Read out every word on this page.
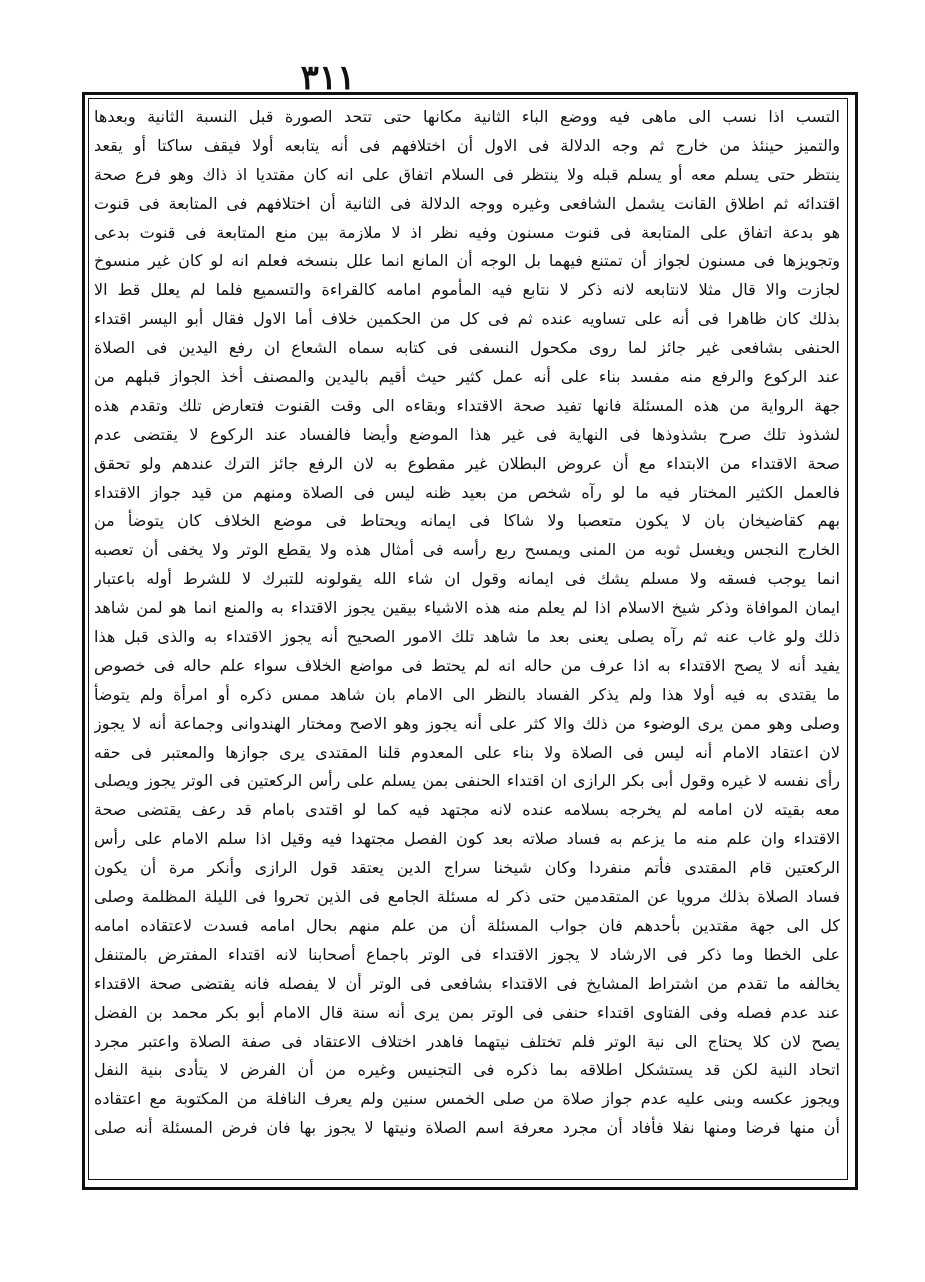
٣١١
التسب اذا نسب الى ماهى فيه ووضع الباء الثانية مكانها حتى تتحد الصورة قبل النسبة الثانية وبعدها
والتميز حينئذ من خارج ثم وجه الدلالة فى الاول أن اختلافهم فى أنه يتابعه أولا فيقف ساكتا أو يقعد
ينتظر حتى يسلم معه أو يسلم قبله ولا ينتظر فى السلام اتفاق على انه كان مقتديا اذ ذاك وهو فرع صحة
اقتدائه ثم اطلاق القانت يشمل الشافعى وغيره ووجه الدلالة فى الثانية أن اختلافهم فى المتابعة فى قنوت
هو بدعة اتفاق على المتابعة فى قنوت مسنون وفيه نظر اذ لا ملازمة بين منع المتابعة فى قنوت بدعى
وتجويزها فى مسنون لجواز أن تمتنع فيهما بل الوجه أن المانع انما علل بنسخه فعلم انه لو كان غير منسوخ
لجازت والا قال مثلا لانتابعه لانه ذكر لا نتابع فيه المأموم امامه كالقراءة والتسميع فلما لم يعلل قط الا
بذلك كان ظاهرا فى أنه على تساويه عنده ثم فى كل من الحكمين خلاف أما الاول فقال أبو اليسر اقتداء
الحنفى بشافعى غير جائز لما روى مكحول النسفى فى كتابه سماه الشعاع ان رفع اليدين فى الصلاة
عند الركوع والرفع منه مفسد بناء على أنه عمل كثير حيث أقيم باليدين والمصنف أخذ الجواز قبلهم من
جهة الرواية من هذه المسئلة فانها تفيد صحة الاقتداء وبقاءه الى وقت القنوت فتعارض تلك وتقدم هذه
لشذوذ تلك صرح بشذوذها فى النهاية فى غير هذا الموضع وأيضا فالفساد عند الركوع لا يقتضى عدم
صحة الاقتداء من الابتداء مع أن عروض البطلان غير مقطوع به لان الرفع جائز الترك عندهم ولو تحقق
فالعمل الكثير المختار فيه ما لو رآه شخص من بعيد ظنه ليس فى الصلاة ومنهم من قيد جواز الاقتداء
بهم كقاضيخان بان لا يكون متعصبا ولا شاكا فى ايمانه ويحتاط فى موضع الخلاف كان يتوضأ من
الخارج النجس ويغسل ثوبه من المنى ويمسح ربع رأسه فى أمثال هذه ولا يقطع الوتر ولا يخفى أن تعصبه
انما يوجب فسقه ولا مسلم يشك فى ايمانه وقول ان شاء الله يقولونه للتبرك لا للشرط أوله باعتبار
ايمان الموافاة وذكر شيخ الاسلام اذا لم يعلم منه هذه الاشياء بيقين يجوز الاقتداء به والمنع انما هو لمن شاهد
ذلك ولو غاب عنه ثم رآه يصلى يعنى بعد ما شاهد تلك الامور الصحيح أنه يجوز الاقتداء به والذى قبل هذا
يفيد أنه لا يصح الاقتداء به اذا عرف من حاله انه لم يحتط فى مواضع الخلاف سواء علم حاله فى خصوص
ما يقتدى به فيه أولا هذا ولم يذكر الفساد بالنظر الى الامام بان شاهد ممس ذكره أو امرأة ولم يتوضأ
وصلى وهو ممن يرى الوضوء من ذلك والا كثر على أنه يجوز وهو الاصح ومختار الهندوانى وجماعة أنه لا يجوز
لان اعتقاد الامام أنه ليس فى الصلاة ولا بناء على المعدوم قلنا المقتدى يرى جوازها والمعتبر فى حقه
رأى نفسه لا غيره وقول أبى بكر الرازى ان اقتداء الحنفى بمن يسلم على رأس الركعتين فى الوتر يجوز ويصلى
معه بقيته لان امامه لم يخرجه بسلامه عنده لانه مجتهد فيه كما لو اقتدى بامام قد رعف يقتضى صحة
الاقتداء وان علم منه ما يزعم به فساد صلاته بعد كون الفصل مجتهدا فيه وقيل اذا سلم الامام على رأس
الركعتين قام المقتدى فأتم منفردا وكان شيخنا سراج الدين يعتقد قول الرازى وأنكر مرة أن يكون
فساد الصلاة بذلك مرويا عن المتقدمين حتى ذكر له مسئلة الجامع فى الذين تحروا فى الليلة المظلمة وصلى
كل الى جهة مقتدين بأحدهم فان جواب المسئلة أن من علم منهم بحال امامه فسدت لاعتقاده امامه
على الخطا وما ذكر فى الارشاد لا يجوز الاقتداء فى الوتر باجماع أصحابنا لانه اقتداء المفترض بالمتنفل
يخالفه ما تقدم من اشتراط المشايخ فى الاقتداء بشافعى فى الوتر أن لا يفصله فانه يقتضى صحة الاقتداء
عند عدم فصله وفى الفتاوى اقتداء حنفى فى الوتر بمن يرى أنه سنة قال الامام أبو بكر محمد بن الفضل
يصح لان كلا يحتاج الى نية الوتر فلم تختلف نيتهما فاهدر اختلاف الاعتقاد فى صفة الصلاة واعتبر مجرد
اتحاد النية لكن قد يستشكل اطلاقه بما ذكره فى التجنيس وغيره من أن الفرض لا يتأدى بنية النفل
ويجوز عكسه وبنى عليه عدم جواز صلاة من صلى الخمس سنين ولم يعرف النافلة من المكتوبة مع اعتقاده
أن منها فرضا ومنها نفلا فأفاد أن مجرد معرفة اسم الصلاة ونيتها لا يجوز بها فان فرض المسئلة أنه صلى
